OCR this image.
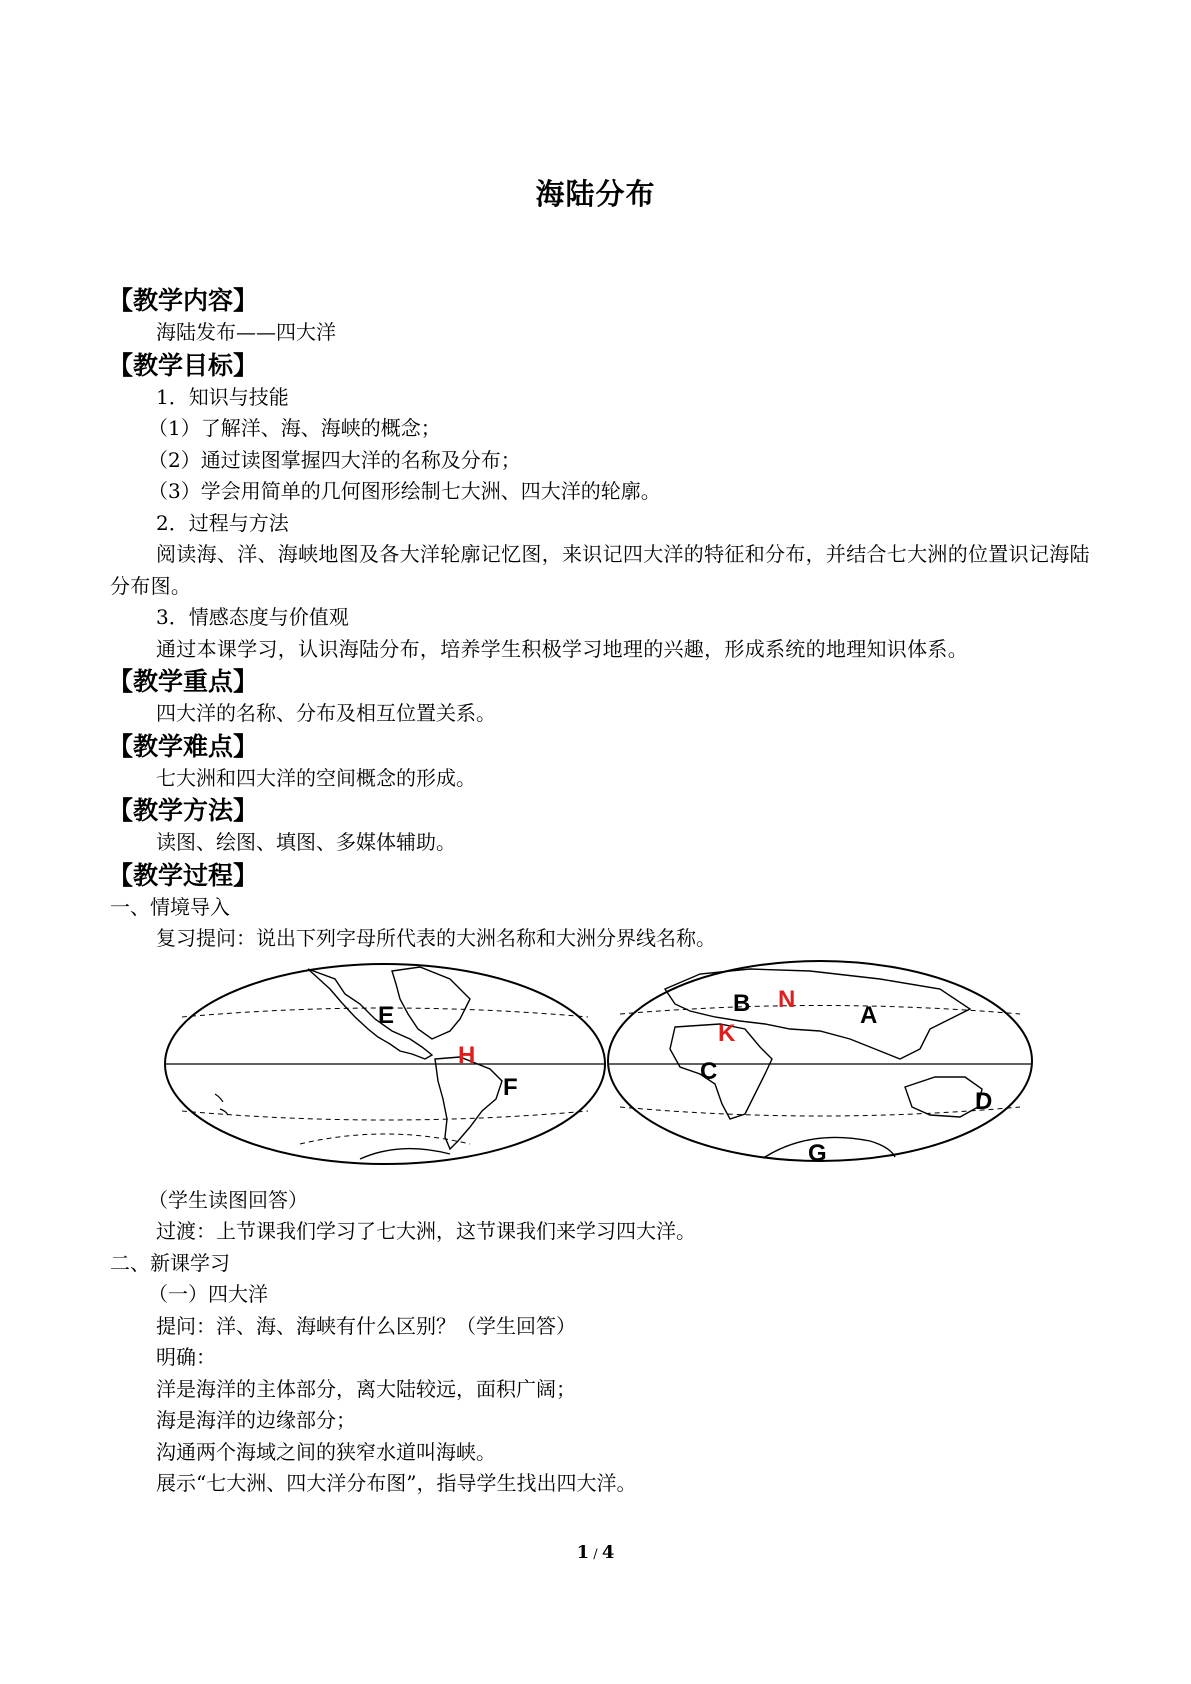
海陆分布
【教学内容】
海陆发布——四大洋
【教学目标】
1．知识与技能
（1）了解洋、海、海峡的概念；
（2）通过读图掌握四大洋的名称及分布；
（3）学会用简单的几何图形绘制七大洲、四大洋的轮廓。
2．过程与方法
阅读海、洋、海峡地图及各大洋轮廓记忆图，来识记四大洋的特征和分布，并结合七大洲的位置识记海陆分布图。
3．情感态度与价值观
通过本课学习，认识海陆分布，培养学生积极学习地理的兴趣，形成系统的地理知识体系。
【教学重点】
四大洋的名称、分布及相互位置关系。
【教学难点】
七大洲和四大洋的空间概念的形成。
【教学方法】
读图、绘图、填图、多媒体辅助。
【教学过程】
一、情境导入
复习提问：说出下列字母所代表的大洲名称和大洲分界线名称。
E
H
F
B N
A
K
C
D
G
（学生读图回答）
过渡：上节课我们学习了七大洲，这节课我们来学习四大洋。
二、新课学习
（一）四大洋
提问：洋、海、海峡有什么区别？（学生回答）
明确：
洋是海洋的主体部分，离大陆较远，面积广阔；
海是海洋的边缘部分；
沟通两个海域之间的狭窄水道叫海峡。
展示“七大洲、四大洋分布图”，指导学生找出四大洋。
1 / 4
